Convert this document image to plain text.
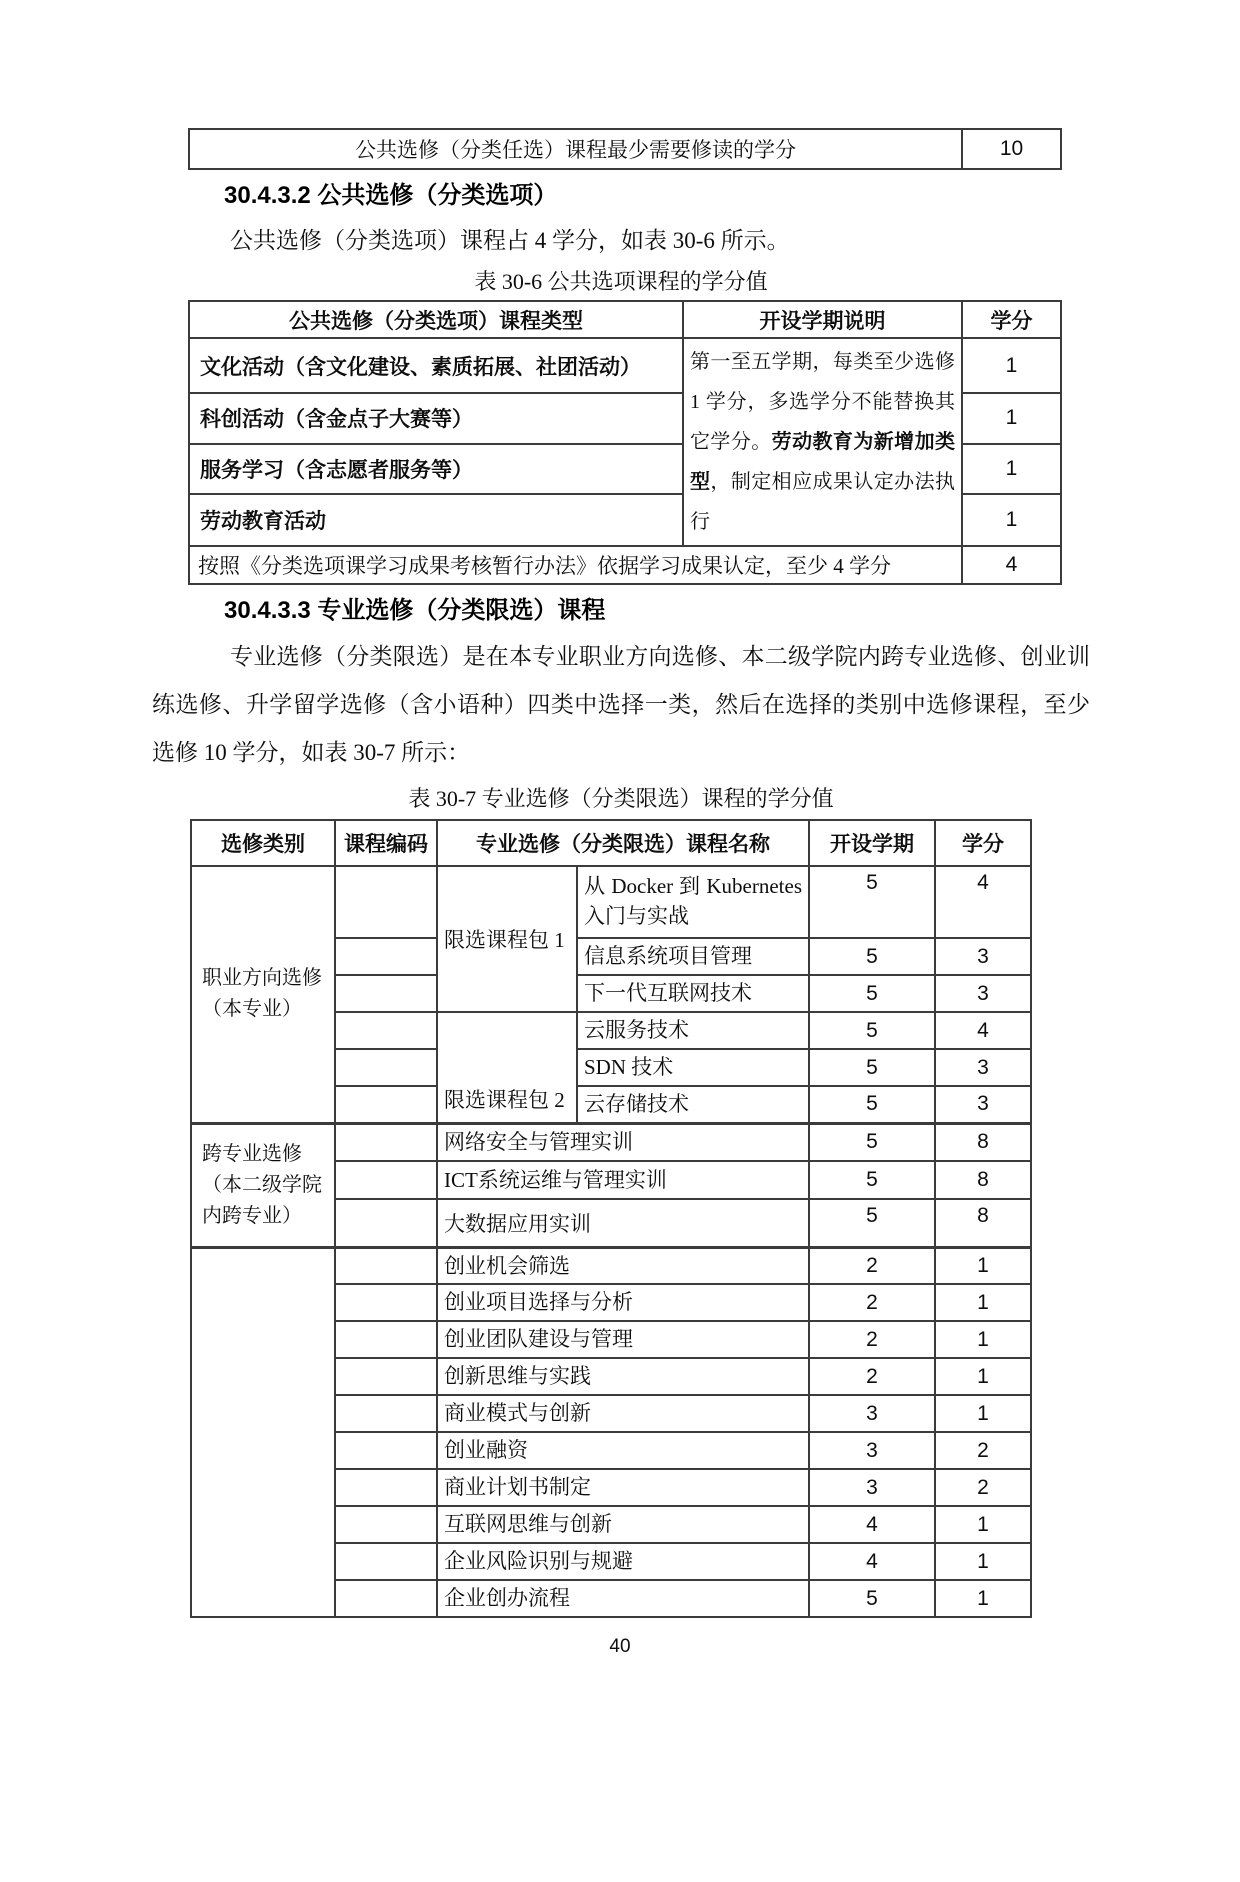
公共选修（分类任选）课程最少需要修读的学分	10
30.4.3.2 公共选修（分类选项）
公共选修（分类选项）课程占 4 学分，如表 30-6 所示。
表 30-6 公共选项课程的学分值
公共选修（分类选项）课程类型	开设学期说明	学分
文化活动（含文化建设、素质拓展、社团活动）	第一至五学期，每类至少选修 1 学分，多选学分不能替换其它学分。劳动教育为新增加类型，制定相应成果认定办法执行	1
科创活动（含金点子大赛等）		1
服务学习（含志愿者服务等）		1
劳动教育活动		1
按照《分类选项课学习成果考核暂行办法》依据学习成果认定，至少 4 学分		4
30.4.3.3 专业选修（分类限选）课程
专业选修（分类限选）是在本专业职业方向选修、本二级学院内跨专业选修、创业训练选修、升学留学选修（含小语种）四类中选择一类，然后在选择的类别中选修课程，至少选修 10 学分，如表 30-7 所示：
表 30-7 专业选修（分类限选）课程的学分值
选修类别	课程编码	专业选修（分类限选）课程名称		开设学期	学分
职业方向选修（本专业）		限选课程包 1	从 Docker 到 Kubernetes 入门与实战	5	4
			信息系统项目管理	5	3
			下一代互联网技术	5	3
		限选课程包 2	云服务技术	5	4
			SDN 技术	5	3
			云存储技术	5	3
跨专业选修（本二级学院内跨专业）		网络安全与管理实训		5	8
		ICT系统运维与管理实训		5	8
		大数据应用实训		5	8
		创业机会筛选		2	1
		创业项目选择与分析		2	1
		创业团队建设与管理		2	1
		创新思维与实践		2	1
		商业模式与创新		3	1
		创业融资		3	2
		商业计划书制定		3	2
		互联网思维与创新		4	1
		企业风险识别与规避		4	1
		企业创办流程		5	1
40
